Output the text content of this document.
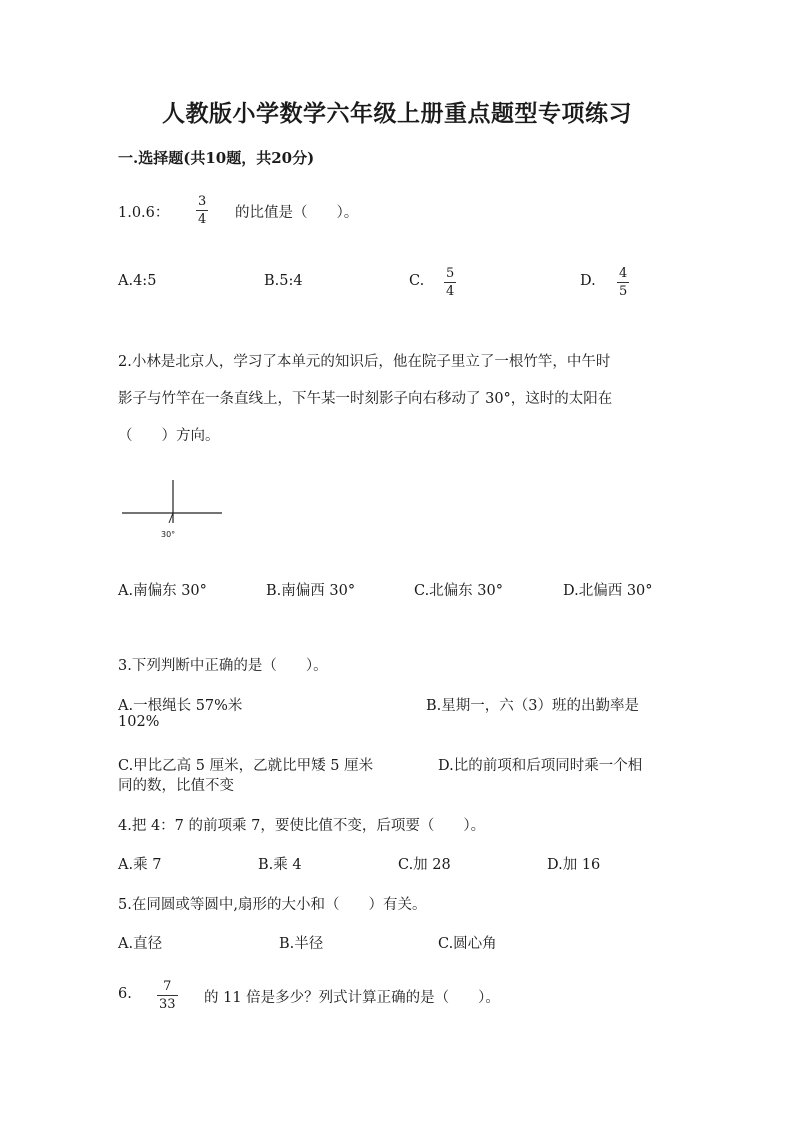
人教版小学数学六年级上册重点题型专项练习
一.选择题(共10题，共20分)
1.0.6：
3
4 的比值是（　　）。
A.4:5	B.5:4	C. 5
4
D. 4
5
2.小林是北京人，学习了本单元的知识后，他在院子里立了一根竹竿，中午时
影子与竹竿在一条直线上，下午某一时刻影子向右移动了 30°，这时的太阳在
（　　）方向。
30°
A.南偏东 30°	B.南偏西 30°	C.北偏东 30°	D.北偏西 30°
3.下列判断中正确的是（　　）。
A.一根绳长 57%米	B.星期一，六（3）班的出勤率是
102%
C.甲比乙高 5 厘米，乙就比甲矮 5 厘米	D.比的前项和后项同时乘一个相
同的数，比值不变
4.把 4：7 的前项乘 7，要使比值不变，后项要（　　）。
A.乘 7	B.乘 4	C.加 28	D.加 16
5.在同圆或等圆中,扇形的大小和（　　）有关。
A.直径	B.半径	C.圆心角
6. 7
33 的 11 倍是多少？列式计算正确的是（　　）。
